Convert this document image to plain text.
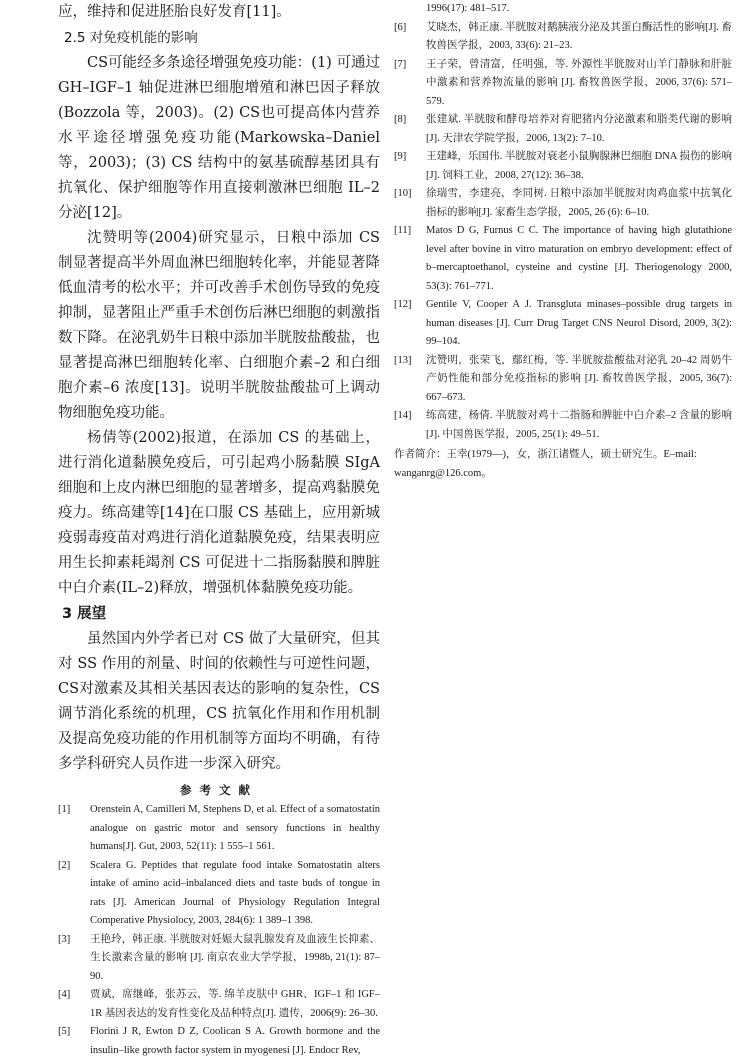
应，维持和促进胚胎良好发育[11]。

2.5 对免疫机能的影响

CS可能经多条途径增强免疫功能：(1) 可通过GH–IGF–1 轴促进淋巴细胞增殖和淋巴因子释放(Bozzola 等，2003)。(2) CS也可提高体内营养水平途径增强免疫功能(Markowska–Daniel 等，2003)；(3) CS 结构中的氨基硫醇基团具有抗氧化、保护细胞等作用直接刺激淋巴细胞 IL–2 分泌[12]。

沈赞明等(2004)研究显示，日粮中添加 CS 制显著提高半外周血淋巴细胞转化率，并能显著降低血清考的松水平；并可改善手术创伤导致的免疫抑制，显著阻止严重手术创伤后淋巴细胞的刺激指数下降。在泌乳奶牛日粮中添加半胱胺盐酸盐，也显著提高淋巴细胞转化率、白细胞介素–2 和白细胞介素–6 浓度[13]。说明半胱胺盐酸盐可上调动物细胞免疫功能。

杨倩等(2002)报道，在添加 CS 的基础上，进行消化道黏膜免疫后，可引起鸡小肠黏膜 SIgA 细胞和上皮内淋巴细胞的显著增多，提高鸡黏膜免疫力。练高建等[14]在口服 CS 基础上，应用新城疫弱毒疫苗对鸡进行消化道黏膜免疫，结果表明应用生长抑素耗竭剂 CS 可促进十二指肠黏膜和脾脏中白介素(IL–2)释放，增强机体黏膜免疫功能。

3 展望

虽然国内外学者已对 CS 做了大量研究，但其对 SS 作用的剂量、时间的依赖性与可逆性问题，CS对激素及其相关基因表达的影响的复杂性，CS 调节消化系统的机理，CS 抗氧化作用和作用机制及提高免疫功能的作用机制等方面均不明确，有待多学科研究人员作进一步深入研究。

参考文献

[1]	Orenstein A, Camilleri M, Stephens D, et al. Effect of a somatostatin analogue on gastric motor and sensory functions in healthy humans[J]. Gut, 2003, 52(11): 1 555–1 561.
[2]	Scalera G. Peptides that regulate food intake Somatostatin alters intake of amino acid–inbalanced diets and taste buds of tongue in rats [J]. American Journal of Physiology Regulation Integral Comperative Physiolocy, 2003, 284(6): 1 389–1 398.
[3]	王艳玲，韩正康. 半胱胺对妊娠大鼠乳腺发育及血液生长抑素、生长激素含量的影响 [J]. 南京农业大学学报，1998b, 21(1): 87–90.
[4]	贾斌，席继峰，张苏云，等. 绵羊皮肤中 GHR、IGF–1 和 IGF–1R 基因表达的发育性变化及品种特点[J]. 遗传，2006(9): 26–30.
[5]	Florini J R, Ewton D Z, Coolican S A. Growth hormone and the insulin–like growth factor system in myogenesi [J]. Endocr Rev,
1996(17): 481–517.
[6]	艾晓杰，韩正康. 半胱胺对鹅胰液分泌及其蛋白酶活性的影响[J]. 畜牧兽医学报，2003, 33(6): 21–23.
[7]	王子荣，曾清富，任明强，等. 外源性半胱胺对山羊门静脉和肝脏中激素和营养物流量的影响 [J]. 畜牧兽医学报，2006, 37(6): 571–579.
[8]	张建斌. 半胱胺和酵母培养对育肥猪内分泌激素和脂类代谢的影响[J]. 天津农学院学报，2006, 13(2): 7–10.
[9]	王建峰，乐国伟. 半胱胺对衰老小鼠胸腺淋巴细胞 DNA 损伤的影响[J]. 饲料工业，2008, 27(12): 36–38.
[10]	徐瑞雪，李建亮，李同树. 日粮中添加半胱胺对肉鸡血浆中抗氧化指标的影响[J]. 家畜生态学报，2005, 26 (6): 6–10.
[11]	Matos D G, Furnus C C. The importance of having high glutathione level after bovine in vitro maturation on embryo development: effect of b–mercaptoethanol, cysteine and cystine [J]. Theriogenology 2000, 53(3): 761–771.
[12]	Gentile V, Cooper A J. Transgluta minases–possible drug targets in human diseases [J]. Curr Drug Target CNS Neurol Disord, 2009, 3(2): 99–104.
[13]	沈赞明，张荣飞，鄢红梅，等. 半胱胺盐酸盐对泌乳 20–42 周奶牛产奶性能和部分免疫指标的影响 [J]. 畜牧兽医学报，2005, 36(7): 667–673.
[14]	练高建，杨倩. 半胱胺对鸡十二指肠和脾脏中白介素–2 含量的影响[J]. 中国兽医学报，2005, 25(1): 49–51.
作者简介：王幸(1979—)，女，浙江诸暨人，硕士研究生。E–mail: wanganrg@126.com。
